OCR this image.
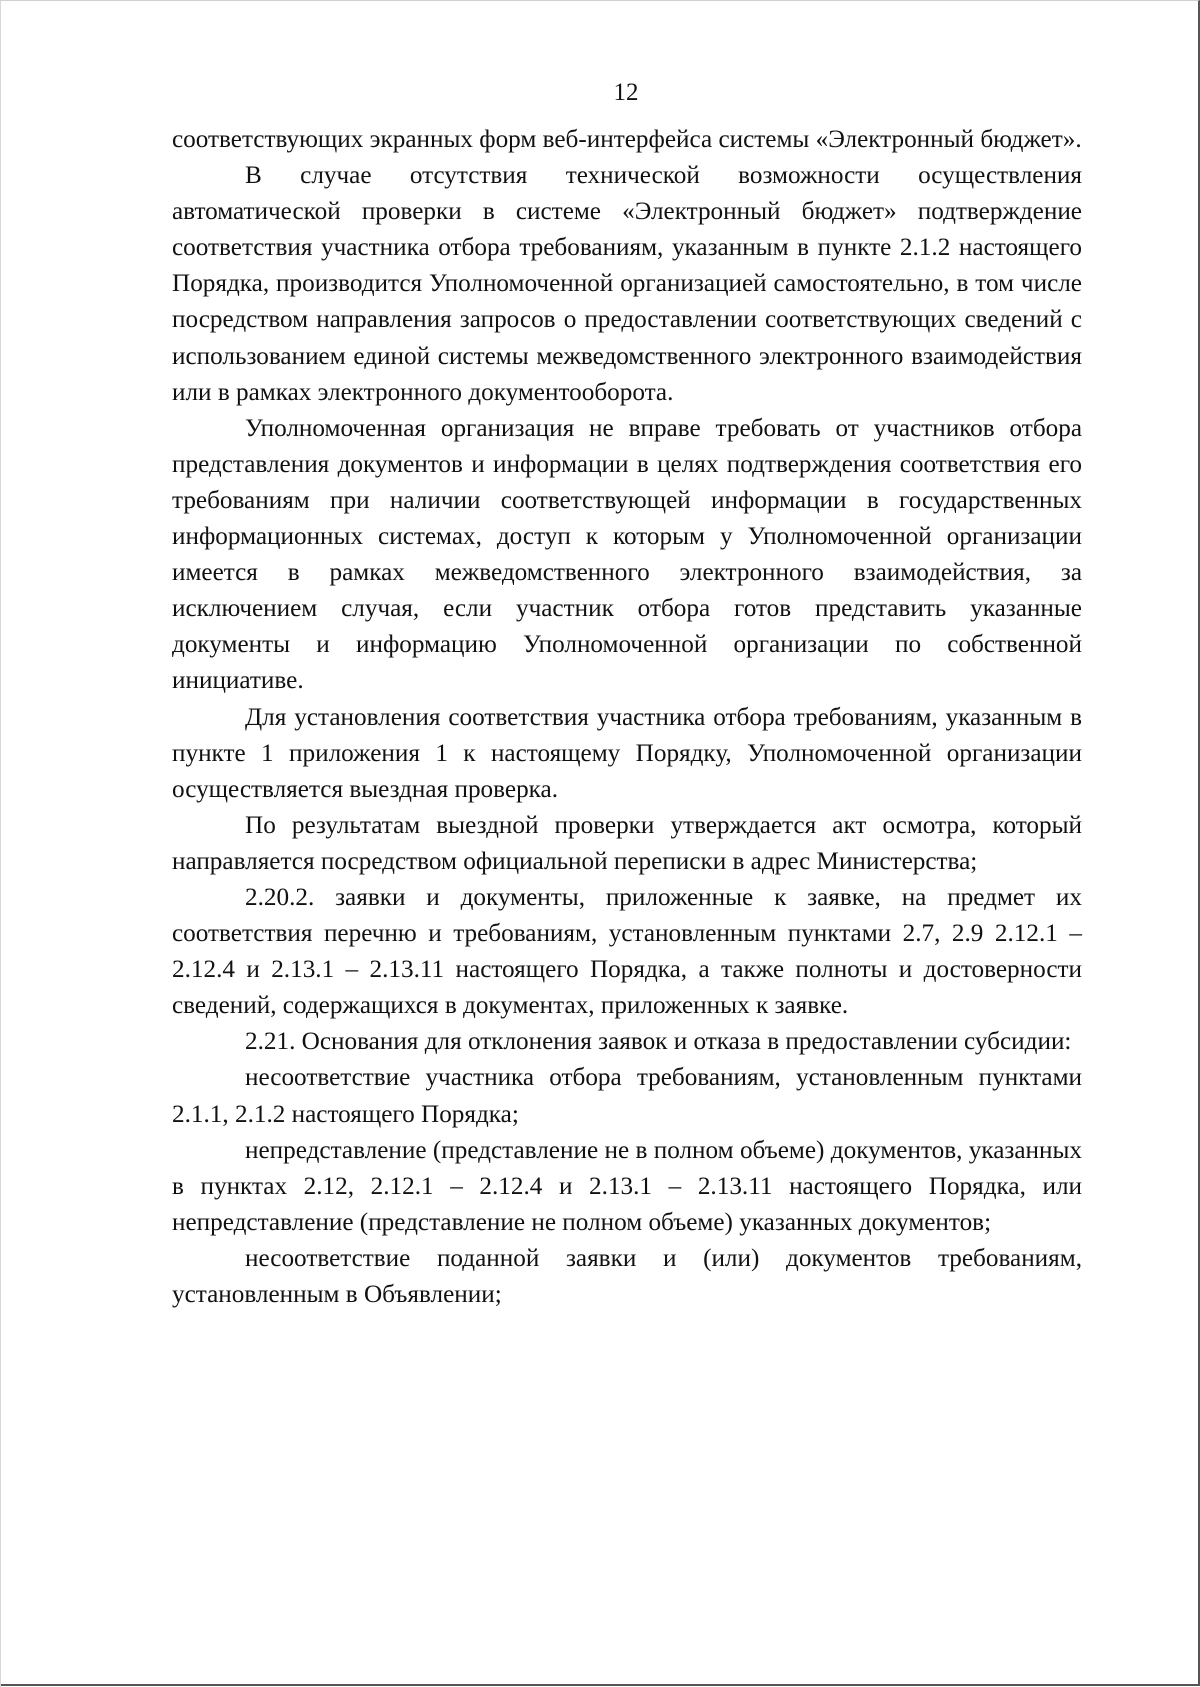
12

соответствующих экранных форм веб-интерфейса системы «Электронный бюджет».

В случае отсутствия технической возможности осуществления автоматической проверки в системе «Электронный бюджет» подтверждение соответствия участника отбора требованиям, указанным в пункте 2.1.2 настоящего Порядка, производится Уполномоченной организацией самостоятельно, в том числе посредством направления запросов о предоставлении соответствующих сведений с использованием единой системы межведомственного электронного взаимодействия или в рамках электронного документооборота.

Уполномоченная организация не вправе требовать от участников отбора представления документов и информации в целях подтверждения соответствия его требованиям при наличии соответствующей информации в государственных информационных системах, доступ к которым у Уполномоченной организации имеется в рамках межведомственного электронного взаимодействия, за исключением случая, если участник отбора готов представить указанные документы и информацию Уполномоченной организации по собственной инициативе.

Для установления соответствия участника отбора требованиям, указанным в пункте 1 приложения 1 к настоящему Порядку, Уполномоченной организации осуществляется выездная проверка.

По результатам выездной проверки утверждается акт осмотра, который направляется посредством официальной переписки в адрес Министерства;

2.20.2. заявки и документы, приложенные к заявке, на предмет их соответствия перечню и требованиям, установленным пунктами 2.7, 2.9 2.12.1 – 2.12.4 и 2.13.1 – 2.13.11 настоящего Порядка, а также полноты и достоверности сведений, содержащихся в документах, приложенных к заявке.

2.21. Основания для отклонения заявок и отказа в предоставлении субсидии:

несоответствие участника отбора требованиям, установленным пунктами 2.1.1, 2.1.2 настоящего Порядка;

непредставление (представление не в полном объеме) документов, указанных в пунктах 2.12, 2.12.1 – 2.12.4 и 2.13.1 – 2.13.11 настоящего Порядка, или непредставление (представление не полном объеме) указанных документов;

несоответствие поданной заявки и (или) документов требованиям, установленным в Объявлении;
